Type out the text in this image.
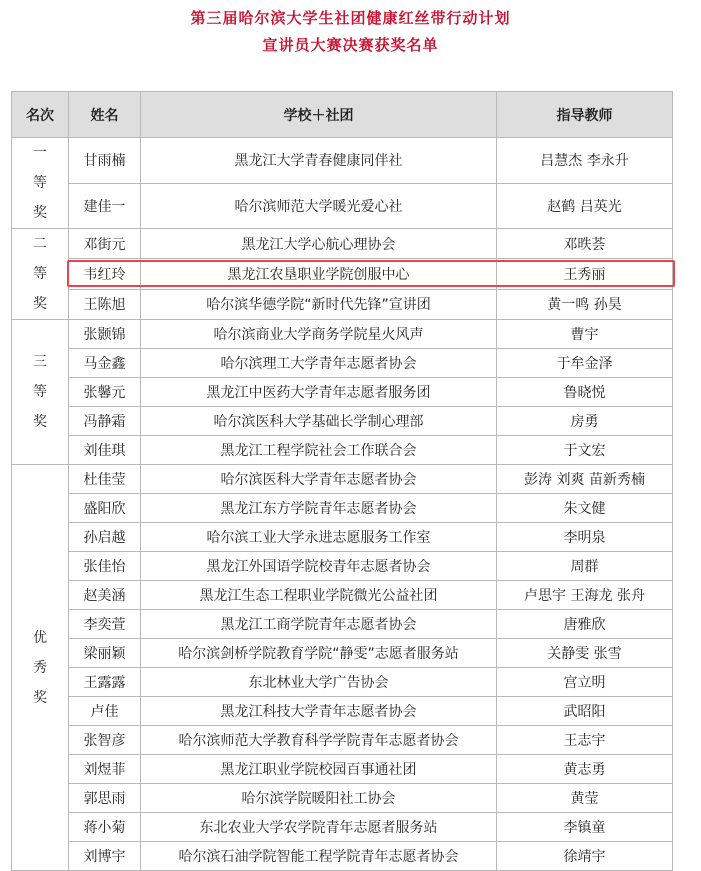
第三届哈尔滨大学生社团健康红丝带行动计划
宣讲员大赛决赛获奖名单
名次	姓名	学校＋社团	指导教师

一
等
奖	甘雨楠	黑龙江大学青春健康同伴社	吕慧杰 李永升
	建佳一	哈尔滨师范大学暖光爱心社	赵鹤 吕英光

二
等
奖	邓街元	黑龙江大学心航心理协会	邓昳荟
	韦红玲	黑龙江农垦职业学院创服中心	王秀丽
	王陈旭	哈尔滨华德学院“新时代先锋”宣讲团	黄一鸣 孙昊

三
等
奖	张颢锦	哈尔滨商业大学商务学院星火风声	曹宇
	马金鑫	哈尔滨理工大学青年志愿者协会	于牟金泽
	张馨元	黑龙江中医药大学青年志愿者服务团	鲁晓悦
	冯静霜	哈尔滨医科大学基础长学制心理部	房勇
	刘佳琪	黑龙江工程学院社会工作联合会	于文宏

优
秀
奖	杜佳莹	哈尔滨医科大学青年志愿者协会	彭涛 刘爽 苗新秀楠
	盛阳欣	黑龙江东方学院青年志愿者协会	朱文健
	孙启越	哈尔滨工业大学永进志愿服务工作室	李明泉
	张佳怡	黑龙江外国语学院校青年志愿者协会	周群
	赵美涵	黑龙江生态工程职业学院微光公益社团	卢思宇 王海龙 张舟
	李奕萱	黑龙江工商学院青年志愿者协会	唐雅欣
	梁丽颖	哈尔滨剑桥学院教育学院“静雯”志愿者服务站	关静雯 张雪
	王露露	东北林业大学广告协会	宫立明
	卢佳	黑龙江科技大学青年志愿者协会	武昭阳
	张智彦	哈尔滨师范大学教育科学学院青年志愿者协会	王志宇
	刘煜菲	黑龙江职业学院校园百事通社团	黄志勇
	郭思雨	哈尔滨学院暖阳社工协会	黄莹
	蒋小菊	东北农业大学农学院青年志愿者服务站	李镇童
	刘博宇	哈尔滨石油学院智能工程学院青年志愿者协会	徐靖宇
